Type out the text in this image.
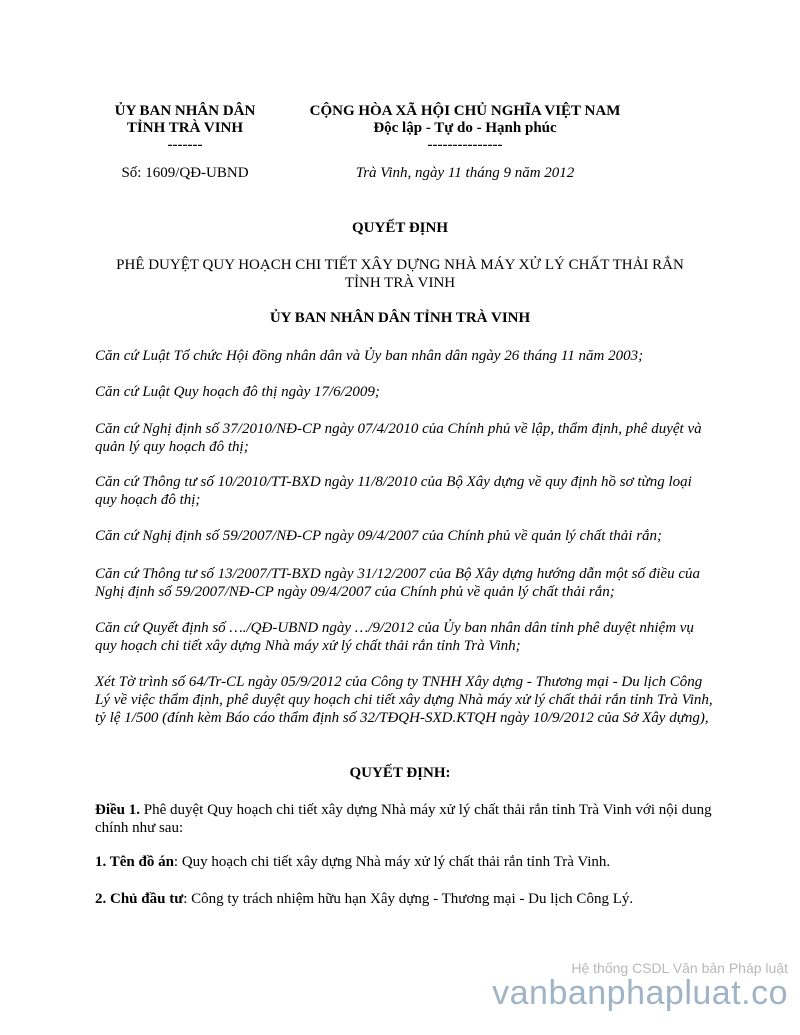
ỦY BAN NHÂN DÂN
TỈNH TRÀ VINH
-------
CỘNG HÒA XÃ HỘI CHỦ NGHĨA VIỆT NAM
Độc lập - Tự do - Hạnh phúc
---------------
Số: 1609/QĐ-UBND	Trà Vinh, ngày 11 tháng 9 năm 2012
QUYẾT ĐỊNH
PHÊ DUYỆT QUY HOẠCH CHI TIẾT XÂY DỰNG NHÀ MÁY XỬ LÝ CHẤT THẢI RẮN
TỈNH TRÀ VINH
ỦY BAN NHÂN DÂN TỈNH TRÀ VINH
Căn cứ Luật Tổ chức Hội đồng nhân dân và Ủy ban nhân dân ngày 26 tháng 11 năm 2003;
Căn cứ Luật Quy hoạch đô thị ngày 17/6/2009;
Căn cứ Nghị định số 37/2010/NĐ-CP ngày 07/4/2010 của Chính phủ về lập, thẩm định, phê duyệt và quản lý quy hoạch đô thị;
Căn cứ Thông tư số 10/2010/TT-BXD ngày 11/8/2010 của Bộ Xây dựng về quy định hồ sơ từng loại quy hoạch đô thị;
Căn cứ Nghị định số 59/2007/NĐ-CP ngày 09/4/2007 của Chính phủ về quản lý chất thải rắn;
Căn cứ Thông tư số 13/2007/TT-BXD ngày 31/12/2007 của Bộ Xây dựng hướng dẫn một số điều của Nghị định số 59/2007/NĐ-CP ngày 09/4/2007 của Chính phủ về quản lý chất thải rắn;
Căn cứ Quyết định số …./QĐ-UBND ngày …/9/2012 của Ủy ban nhân dân tỉnh phê duyệt nhiệm vụ quy hoạch chi tiết xây dựng Nhà máy xử lý chất thải rắn tỉnh Trà Vinh;
Xét Tờ trình số 64/Tr-CL ngày 05/9/2012 của Công ty TNHH Xây dựng - Thương mại - Du lịch Công Lý về việc thẩm định, phê duyệt quy hoạch chi tiết xây dựng Nhà máy xử lý chất thải rắn tỉnh Trà Vinh, tỷ lệ 1/500 (đính kèm Báo cáo thẩm định số 32/TĐQH-SXD.KTQH ngày 10/9/2012 của Sở Xây dựng),
QUYẾT ĐỊNH:
Điều 1. Phê duyệt Quy hoạch chi tiết xây dựng Nhà máy xử lý chất thải rắn tỉnh Trà Vinh với nội dung chính như sau:
1. Tên đồ án: Quy hoạch chi tiết xây dựng Nhà máy xử lý chất thải rắn tỉnh Trà Vinh.
2. Chủ đầu tư: Công ty trách nhiệm hữu hạn Xây dựng - Thương mại - Du lịch Công Lý.
Hệ thống CSDL Văn bản Pháp luật
vanbanphapluat.co
